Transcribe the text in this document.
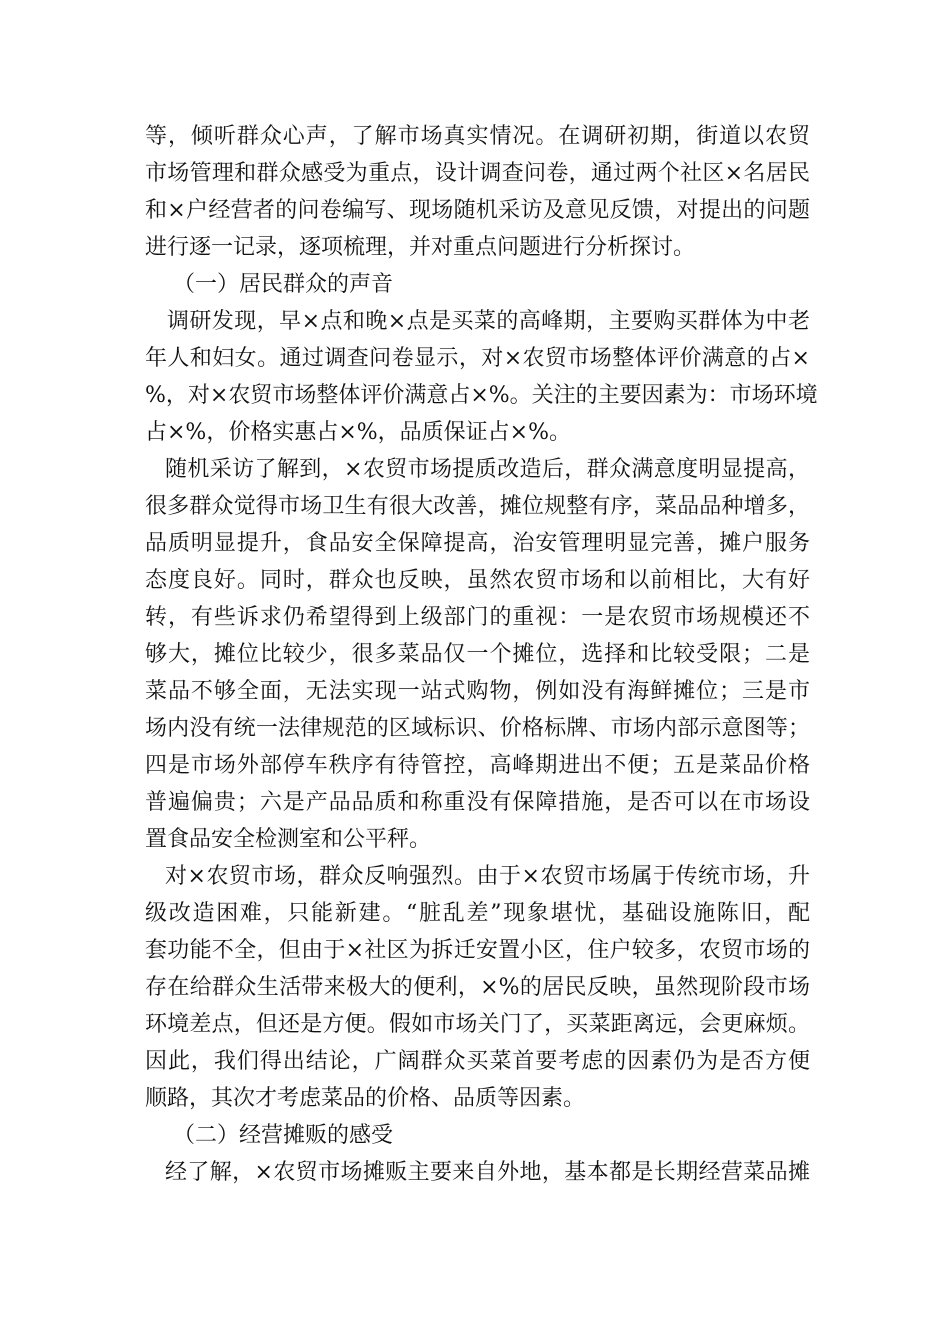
等，倾听群众心声，了解市场真实情况。在调研初期，街道以农贸
市场管理和群众感受为重点，设计调查问卷，通过两个社区×名居民
和×户经营者的问卷编写、现场随机采访及意见反馈，对提出的问题
进行逐一记录，逐项梳理，并对重点问题进行分析探讨。
（一）居民群众的声音
调研发现，早×点和晚×点是买菜的高峰期，主要购买群体为中老
年人和妇女。通过调查问卷显示，对×农贸市场整体评价满意的占×
%，对×农贸市场整体评价满意占×%。关注的主要因素为：市场环境
占×%，价格实惠占×%，品质保证占×%。
随机采访了解到，×农贸市场提质改造后，群众满意度明显提高，
很多群众觉得市场卫生有很大改善，摊位规整有序，菜品品种增多，
品质明显提升，食品安全保障提高，治安管理明显完善，摊户服务
态度良好。同时，群众也反映，虽然农贸市场和以前相比，大有好
转，有些诉求仍希望得到上级部门的重视：一是农贸市场规模还不
够大，摊位比较少，很多菜品仅一个摊位，选择和比较受限；二是
菜品不够全面，无法实现一站式购物，例如没有海鲜摊位；三是市
场内没有统一法律规范的区域标识、价格标牌、市场内部示意图等；
四是市场外部停车秩序有待管控，高峰期进出不便；五是菜品价格
普遍偏贵；六是产品品质和称重没有保障措施，是否可以在市场设
置食品安全检测室和公平秤。
对×农贸市场，群众反响强烈。由于×农贸市场属于传统市场，升
级改造困难，只能新建。“脏乱差”现象堪忧，基础设施陈旧，配
套功能不全，但由于×社区为拆迁安置小区，住户较多，农贸市场的
存在给群众生活带来极大的便利，×%的居民反映，虽然现阶段市场
环境差点，但还是方便。假如市场关门了，买菜距离远，会更麻烦。
因此，我们得出结论，广阔群众买菜首要考虑的因素仍为是否方便
顺路，其次才考虑菜品的价格、品质等因素。
（二）经营摊贩的感受
经了解，×农贸市场摊贩主要来自外地，基本都是长期经营菜品摊
